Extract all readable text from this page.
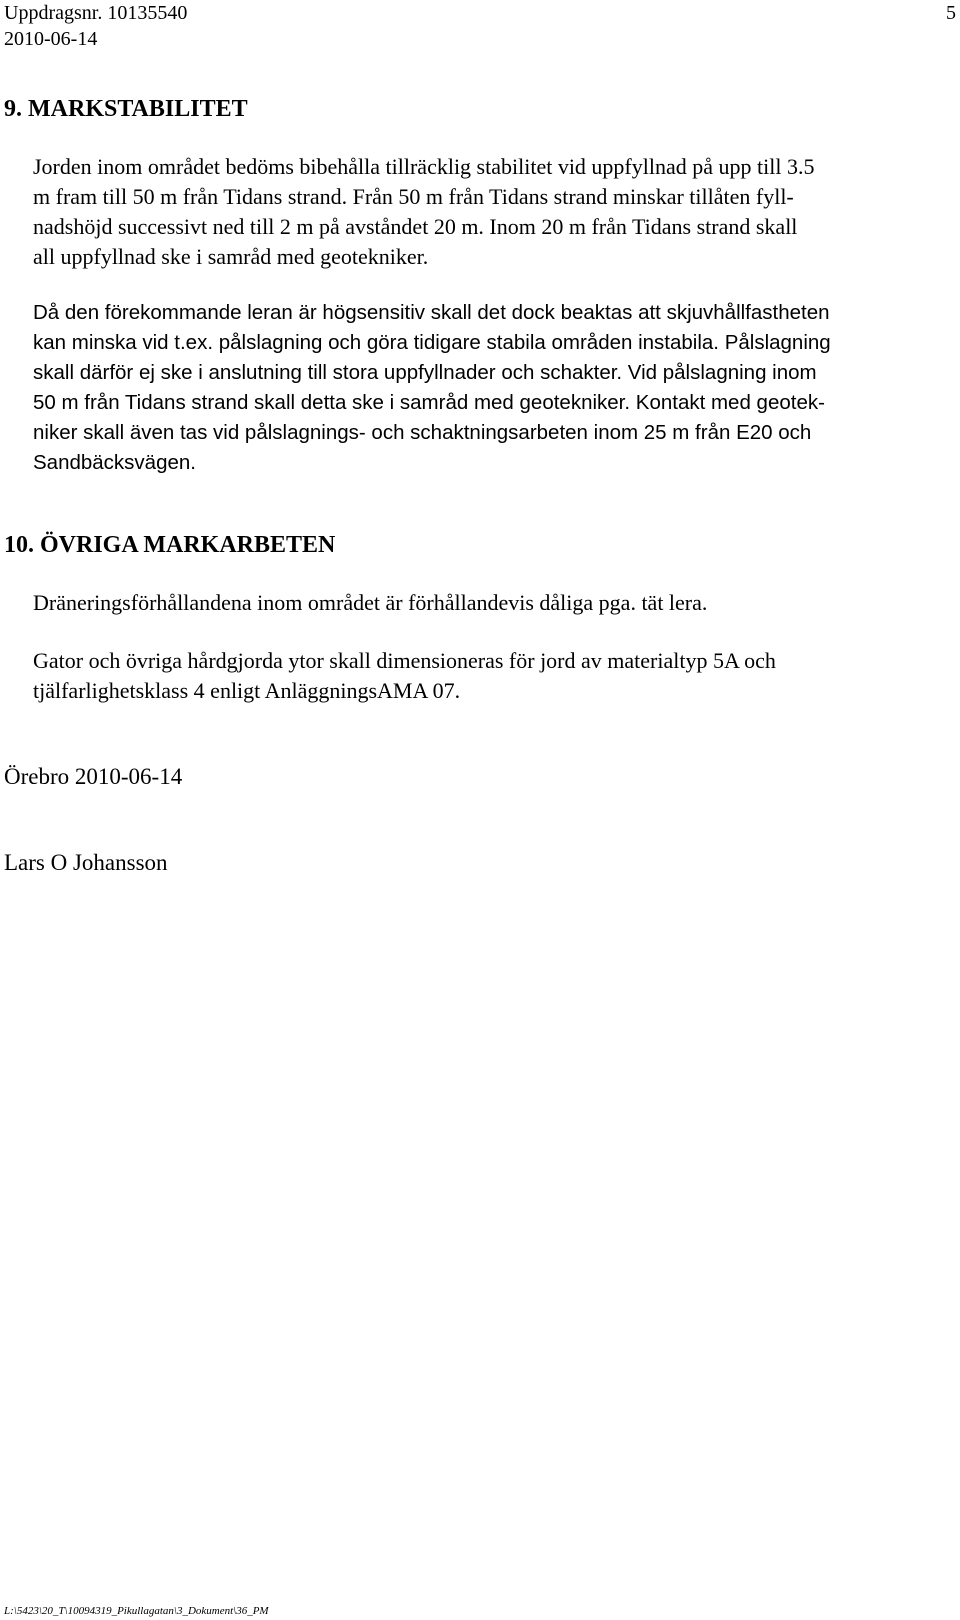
Uppdragsnr. 10135540
2010-06-14
5
9. MARKSTABILITET

Jorden inom området bedöms bibehålla tillräcklig stabilitet vid uppfyllnad på upp till 3.5
m fram till 50 m från Tidans strand. Från 50 m från Tidans strand minskar tillåten fyll-
nadshöjd successivt ned till 2 m på avståndet 20 m. Inom 20 m från Tidans strand skall
all uppfyllnad ske i samråd med geotekniker.

Då den förekommande leran är högsensitiv skall det dock beaktas att skjuvhållfastheten
kan minska vid t.ex. pålslagning och göra tidigare stabila områden instabila. Pålslagning
skall därför ej ske i anslutning till stora uppfyllnader och schakter. Vid pålslagning inom
50 m från Tidans strand skall detta ske i samråd med geotekniker. Kontakt med geotek-
niker skall även tas vid pålslagnings- och schaktningsarbeten inom 25 m från E20 och
Sandbäcksvägen.

10. ÖVRIGA MARKARBETEN

Dräneringsförhållandena inom området är förhållandevis dåliga pga. tät lera.

Gator och övriga hårdgjorda ytor skall dimensioneras för jord av materialtyp 5A och
tjälfarlighetsklass 4 enligt AnläggningsAMA 07.

Örebro 2010-06-14

Lars O Johansson

L:\5423\20_T\10094319_Pikullagatan\3_Dokument\36_PM
